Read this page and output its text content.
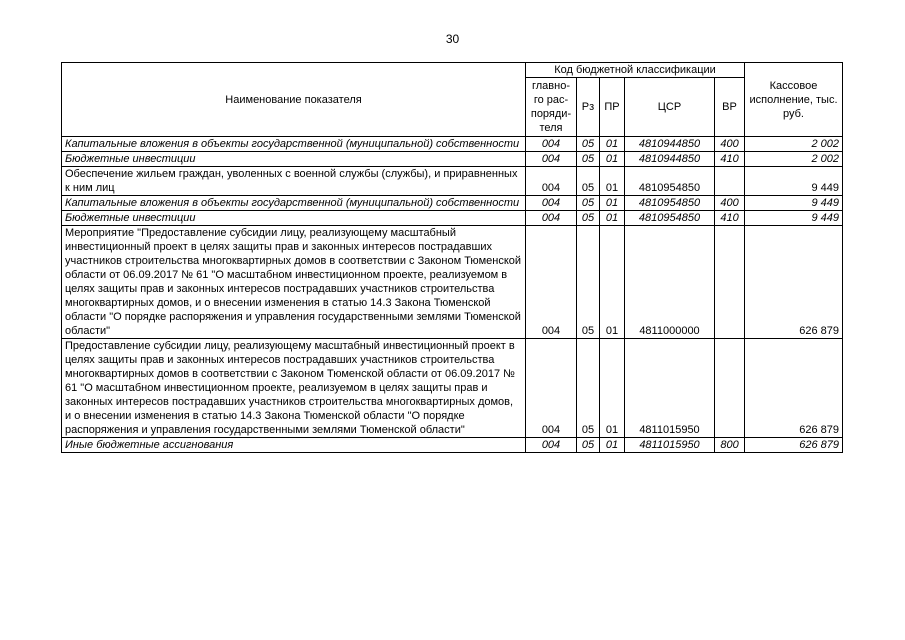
30
Наименование показателя	Код бюджетной классификации					Кассовое исполнение, тыс. руб.
	главно-
го рас-
поряди-
теля	Рз	ПР	ЦСР	ВР	
Капитальные вложения в объекты государственной (муниципальной) собственности	004	05	01	4810944850	400	2 002
Бюджетные инвестиции	004	05	01	4810944850	410	2 002
Обеспечение жильем граждан, уволенных с военной службы (службы), и приравненных к ним лиц	004	05	01	4810954850		9 449
Капитальные вложения в объекты государственной (муниципальной) собственности	004	05	01	4810954850	400	9 449
Бюджетные инвестиции	004	05	01	4810954850	410	9 449
Мероприятие "Предоставление субсидии лицу, реализующему масштабный инвестиционный проект в целях защиты прав и законных интересов пострадавших участников строительства многоквартирных домов в соответствии с Законом Тюменской области от 06.09.2017 № 61 "О масштабном инвестиционном проекте, реализуемом в целях защиты прав и законных интересов пострадавших участников строительства многоквартирных домов, и о внесении изменения в статью 14.3 Закона Тюменской области "О порядке распоряжения и управления государственными землями Тюменской области"	004	05	01	4811000000		626 879
Предоставление субсидии лицу, реализующему масштабный инвестиционный проект в целях защиты прав и законных интересов пострадавших участников строительства многоквартирных домов в соответствии с Законом Тюменской области от 06.09.2017 № 61 "О масштабном инвестиционном проекте, реализуемом в целях защиты прав и законных интересов пострадавших участников строительства многоквартирных домов, и о внесении изменения в статью 14.3 Закона Тюменской области "О порядке распоряжения и управления государственными землями Тюменской области"	004	05	01	4811015950		626 879
Иные бюджетные ассигнования	004	05	01	4811015950	800	626 879
